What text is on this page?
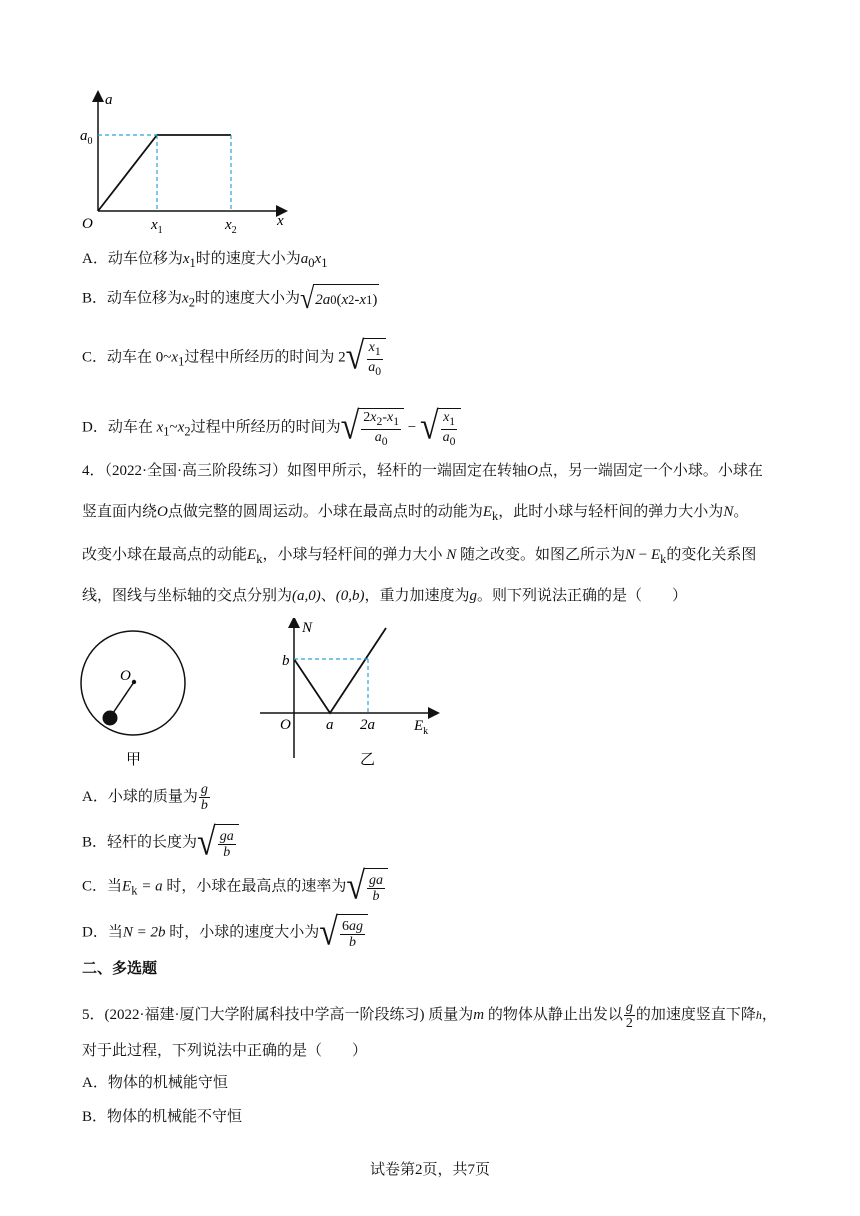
a
x
O
$a_0$
$x_1$	$x_2$
A．动车位移为$x_1$时的速度大小为$a_0x_1$
B．动车位移为$x_2$时的速度大小为 √ 2a 0 ( x 2 - x 1 )
C．动车在 $0\sim x_1$过程中所经历的时间为 2 √ $\frac{x_1}{a_0}$
D．动车在 $x_1\sim x_2$过程中所经历的时间为 √ $\frac{2x_2-x_1}{a_0}$ − √ $\frac{x_1}{a_0}$
4．（2022·全国·高三阶段练习）如图甲所示，轻杆的一端固定在转轴O点，另一端固定一个小球。小球在
竖直面内绕O点做完整的圆周运动。小球在最高点时的动能为$E_k$，此时小球与轻杆间的弹力大小为N。
改变小球在最高点的动能$E_k$，小球与轻杆间的弹力大小 N 随之改变。如图乙所示为$N - E_k$的变化关系图
线，图线与坐标轴的交点分别为(a,0)、(0,b)，重力加速度为g。则下列说法正确的是（　　）
O
甲
N
b
O a 2a	$E_k$
乙
A．小球的质量为 $\frac{g}{b}$
B．轻杆的长度为 √ $\frac{ga}{b}$
C．当$E_k = a$ 时，小球在最高点的速率为 √ $\frac{ga}{b}$
D．当N = 2b 时，小球的速度大小为 √ $\frac{6ag}{b}$
二、多选题
5．(2022·福建·厦门大学附属科技中学高一阶段练习) 质量为m 的物体从静止出发以 $\frac{g}{2}$ 的加速度竖直下降h，
对于此过程，下列说法中正确的是（　　）
A．物体的机械能守恒
B．物体的机械能不守恒
试卷第2页，共7页
